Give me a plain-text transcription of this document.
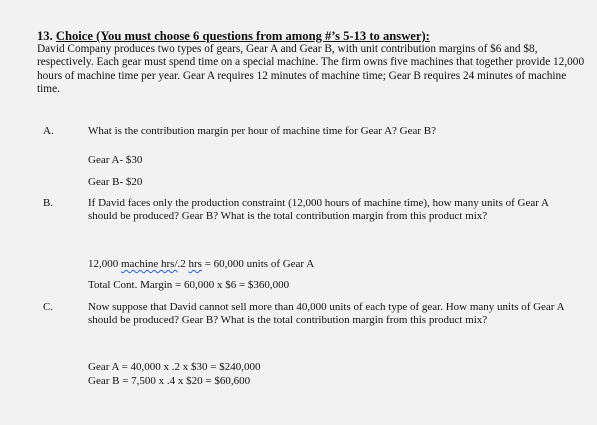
13. Choice (You must choose 6 questions from among #’s 5-13 to answer):
David Company produces two types of gears, Gear A and Gear B, with unit contribution margins of $6 and $8, respectively. Each gear must spend time on a special machine. The firm owns five machines that together provide 12,000 hours of machine time per year. Gear A requires 12 minutes of machine time; Gear B requires 24 minutes of machine time.
A.	What is the contribution margin per hour of machine time for Gear A? Gear B?
Gear A- $30
Gear B- $20
B.	If David faces only the production constraint (12,000 hours of machine time), how many units of Gear A should be produced? Gear B? What is the total contribution margin from this product mix?
12,000 machine hrs/.2 hrs = 60,000 units of Gear A
Total Cont. Margin = 60,000 x $6 = $360,000
C.	Now suppose that David cannot sell more than 40,000 units of each type of gear. How many units of Gear A should be produced? Gear B? What is the total contribution margin from this product mix?
Gear A = 40,000 x .2 x $30 = $240,000
Gear B = 7,500 x .4 x $20 = $60,600
